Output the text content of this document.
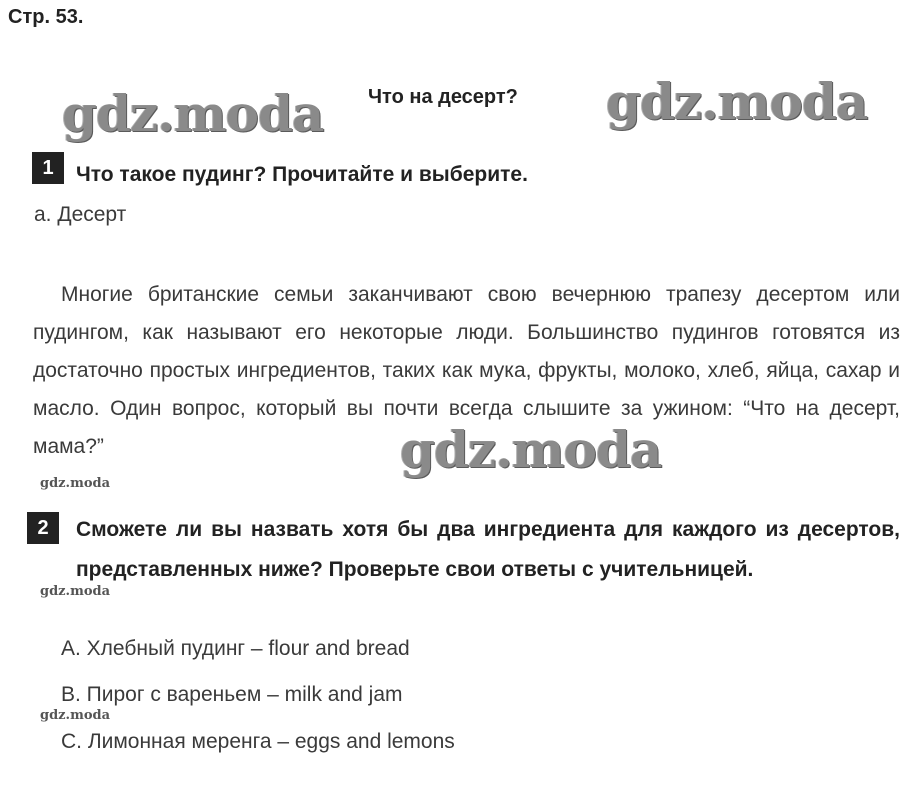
Стр. 53.
gdz.moda Что на десерт? gdz.moda
1	Что такое пудинг? Прочитайте и выберите.
a. Десерт
Многие британские семьи заканчивают свою вечернюю трапезу десертом или пудингом, как называют его некоторые люди. Большинство пудингов готовятся из достаточно простых ингредиентов, таких как мука, фрукты, молоко, хлеб, яйца, сахар и масло. Один вопрос, который вы почти всегда слышите за ужином: “Что на десерт, мама?”	gdz.moda
gdz.moda
2	Сможете ли вы назвать хотя бы два ингредиента для каждого из десертов, представленных ниже? Проверьте свои ответы с учительницей.
gdz.moda
A. Хлебный пудинг – flour and bread
B. Пирог с вареньем – milk and jam
gdz.moda
C. Лимонная меренга – eggs and lemons
